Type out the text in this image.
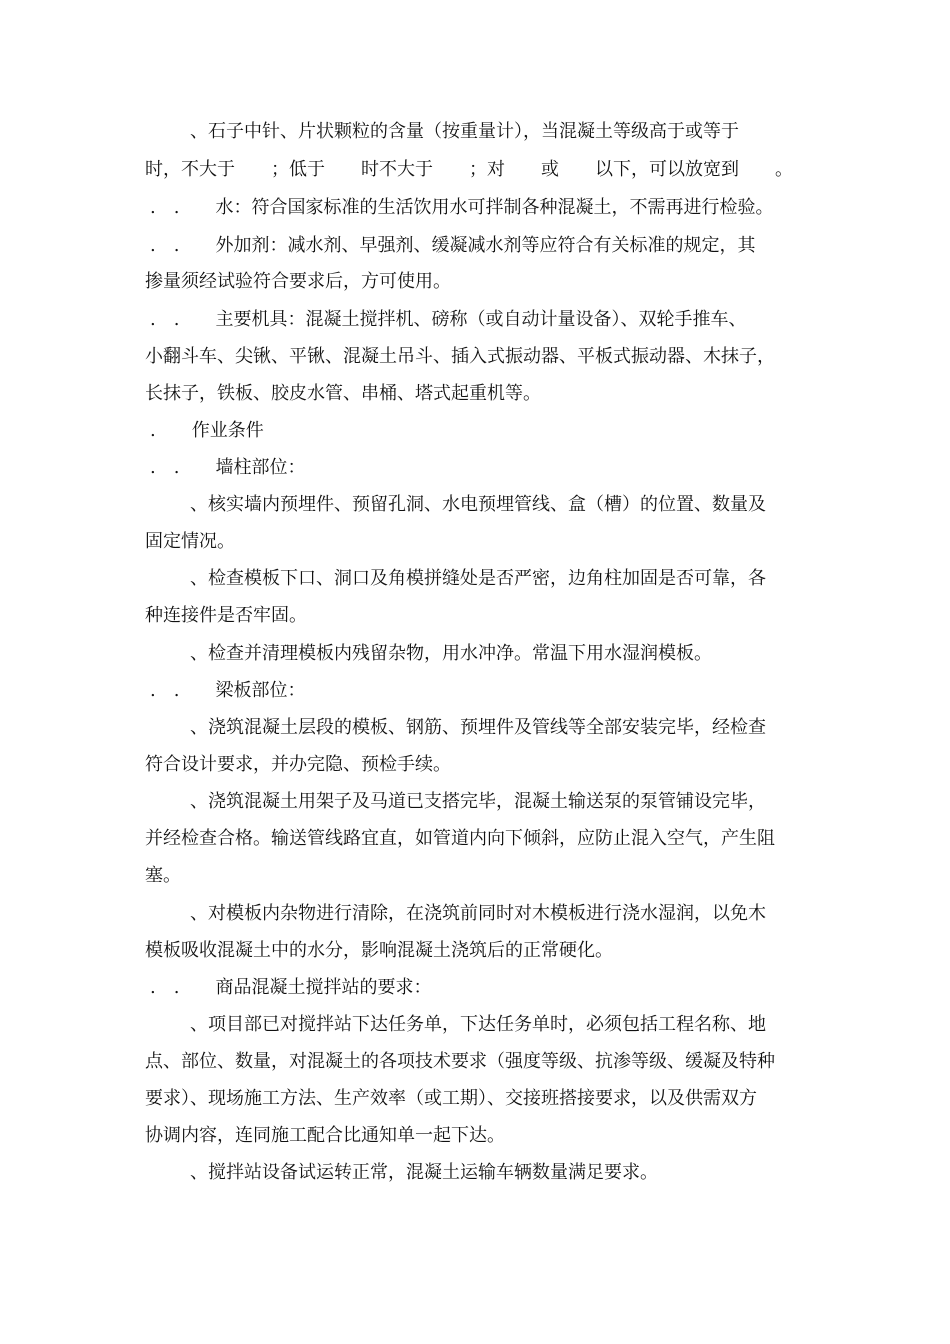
、石子中针、片状颗粒的含量（按重量计），当混凝土等级高于或等于
时，不大于　　；低于　　时不大于　　；对　　或　　以下，可以放宽到　　。
.　.　　水：符合国家标准的生活饮用水可拌制各种混凝土，不需再进行检验。
.　.　　外加剂：减水剂、早强剂、缓凝减水剂等应符合有关标准的规定，其
掺量须经试验符合要求后，方可使用。
.　.　　主要机具：混凝土搅拌机、磅称（或自动计量设备）、双轮手推车、
小翻斗车、尖锹、平锹、混凝土吊斗、插入式振动器、平板式振动器、木抹子，
长抹子，铁板、胶皮水管、串桶、塔式起重机等。
.　　作业条件
.　.　　墙柱部位：
、核实墙内预埋件、预留孔洞、水电预埋管线、盒（槽）的位置、数量及
固定情况。
、检查模板下口、洞口及角模拼缝处是否严密，边角柱加固是否可靠，各
种连接件是否牢固。
、检查并清理模板内残留杂物，用水冲净。常温下用水湿润模板。
.　.　　梁板部位：
、浇筑混凝土层段的模板、钢筋、预埋件及管线等全部安装完毕，经检查
符合设计要求，并办完隐、预检手续。
、浇筑混凝土用架子及马道已支搭完毕，混凝土输送泵的泵管铺设完毕，
并经检查合格。输送管线路宜直，如管道内向下倾斜，应防止混入空气，产生阻
塞。
、对模板内杂物进行清除，在浇筑前同时对木模板进行浇水湿润，以免木
模板吸收混凝土中的水分，影响混凝土浇筑后的正常硬化。
.　.　　商品混凝土搅拌站的要求：
、项目部已对搅拌站下达任务单，下达任务单时，必须包括工程名称、地
点、部位、数量，对混凝土的各项技术要求（强度等级、抗渗等级、缓凝及特种
要求）、现场施工方法、生产效率（或工期）、交接班搭接要求，以及供需双方
协调内容，连同施工配合比通知单一起下达。
、搅拌站设备试运转正常，混凝土运输车辆数量满足要求。
